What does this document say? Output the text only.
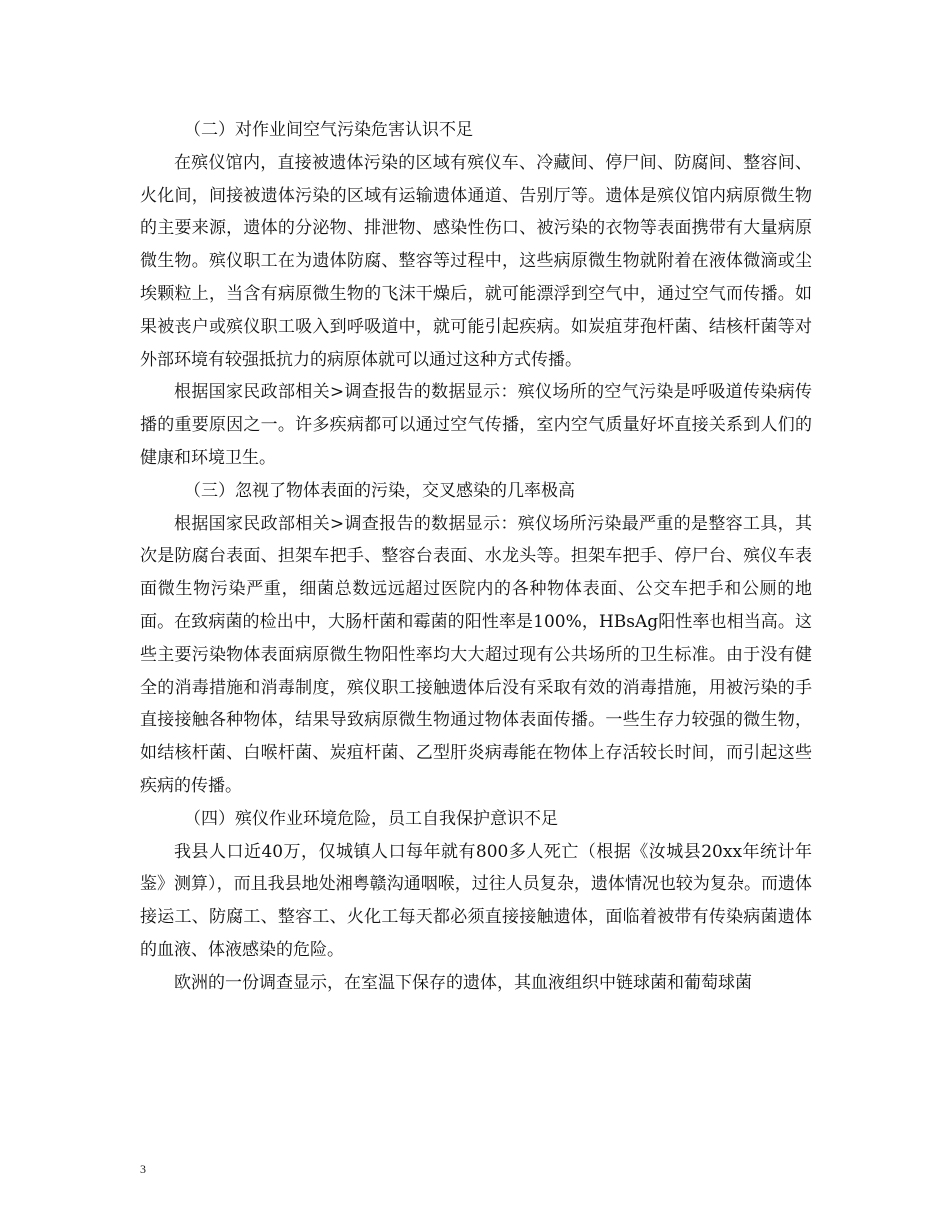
（二）对作业间空气污染危害认识不足

在殡仪馆内，直接被遗体污染的区域有殡仪车、冷藏间、停尸间、防腐间、整容间、火化间，间接被遗体污染的区域有运输遗体通道、告别厅等。遗体是殡仪馆内病原微生物的主要来源，遗体的分泌物、排泄物、感染性伤口、被污染的衣物等表面携带有大量病原微生物。殡仪职工在为遗体防腐、整容等过程中，这些病原微生物就附着在液体微滴或尘埃颗粒上，当含有病原微生物的飞沫干燥后，就可能漂浮到空气中，通过空气而传播。如果被丧户或殡仪职工吸入到呼吸道中，就可能引起疾病。如炭疽芽孢杆菌、结核杆菌等对外部环境有较强抵抗力的病原体就可以通过这种方式传播。

根据国家民政部相关>调查报告的数据显示：殡仪场所的空气污染是呼吸道传染病传播的重要原因之一。许多疾病都可以通过空气传播，室内空气质量好坏直接关系到人们的健康和环境卫生。

（三）忽视了物体表面的污染，交叉感染的几率极高

根据国家民政部相关>调查报告的数据显示：殡仪场所污染最严重的是整容工具，其次是防腐台表面、担架车把手、整容台表面、水龙头等。担架车把手、停尸台、殡仪车表面微生物污染严重，细菌总数远远超过医院内的各种物体表面、公交车把手和公厕的地面。在致病菌的检出中，大肠杆菌和霉菌的阳性率是100%，HBsAg阳性率也相当高。这些主要污染物体表面病原微生物阳性率均大大超过现有公共场所的卫生标准。由于没有健全的消毒措施和消毒制度，殡仪职工接触遗体后没有采取有效的消毒措施，用被污染的手直接接触各种物体，结果导致病原微生物通过物体表面传播。一些生存力较强的微生物，如结核杆菌、白喉杆菌、炭疽杆菌、乙型肝炎病毒能在物体上存活较长时间，而引起这些疾病的传播。

（四）殡仪作业环境危险，员工自我保护意识不足

我县人口近40万，仅城镇人口每年就有800多人死亡（根据《汝城县20xx年统计年鉴》测算），而且我县地处湘粤赣沟通咽喉，过往人员复杂，遗体情况也较为复杂。而遗体接运工、防腐工、整容工、火化工每天都必须直接接触遗体，面临着被带有传染病菌遗体的血液、体液感染的危险。

欧洲的一份调查显示，在室温下保存的遗体，其血液组织中链球菌和葡萄球菌

3
